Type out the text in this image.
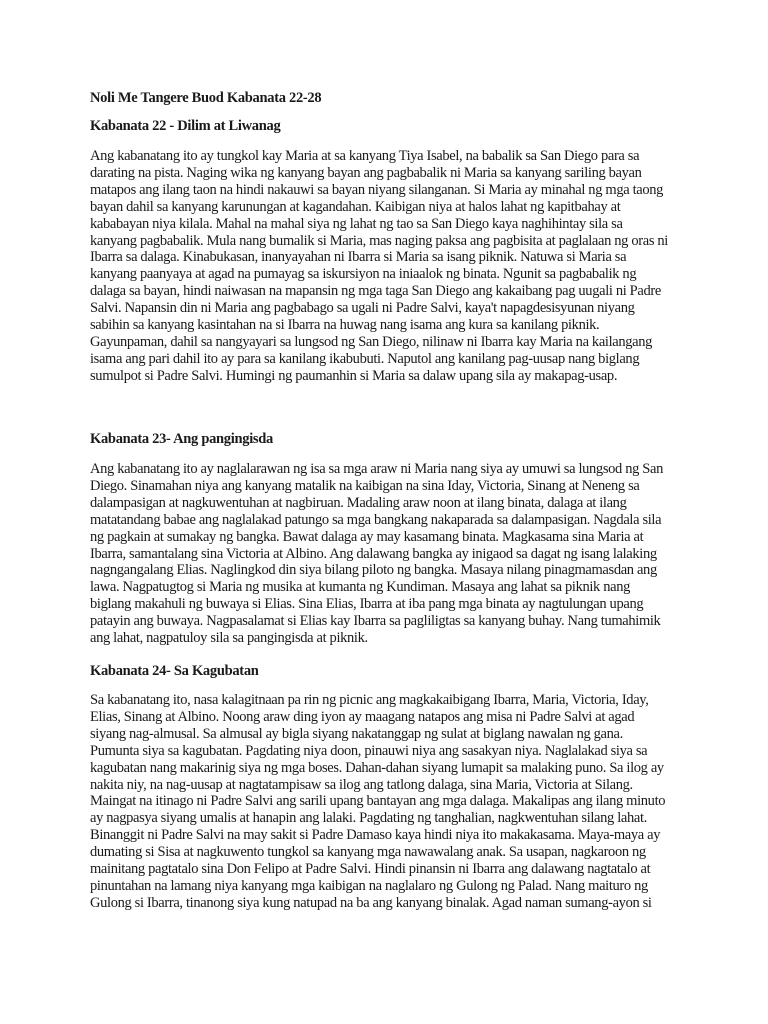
Noli Me Tangere Buod Kabanata 22-28
Kabanata 22 - Dilim at Liwanag
Ang kabanatang ito ay tungkol kay Maria at sa kanyang Tiya Isabel, na babalik sa San Diego para sa
darating na pista. Naging wika ng kanyang bayan ang pagbabalik ni Maria sa kanyang sariling bayan
matapos ang ilang taon na hindi nakauwi sa bayan niyang silanganan. Si Maria ay minahal ng mga taong
bayan dahil sa kanyang karunungan at kagandahan. Kaibigan niya at halos lahat ng kapitbahay at
kababayan niya kilala. Mahal na mahal siya ng lahat ng tao sa San Diego kaya naghihintay sila sa
kanyang pagbabalik. Mula nang bumalik si Maria, mas naging paksa ang pagbisita at paglalaan ng oras ni
Ibarra sa dalaga. Kinabukasan, inanyayahan ni Ibarra si Maria sa isang piknik. Natuwa si Maria sa
kanyang paanyaya at agad na pumayag sa iskursiyon na iniaalok ng binata. Ngunit sa pagbabalik ng
dalaga sa bayan, hindi naiwasan na mapansin ng mga taga San Diego ang kakaibang pag uugali ni Padre
Salvi. Napansin din ni Maria ang pagbabago sa ugali ni Padre Salvi, kaya't napagdesisyunan niyang
sabihin sa kanyang kasintahan na si Ibarra na huwag nang isama ang kura sa kanilang piknik.
Gayunpaman, dahil sa nangyayari sa lungsod ng San Diego, nilinaw ni Ibarra kay Maria na kailangang
isama ang pari dahil ito ay para sa kanilang ikabubuti. Naputol ang kanilang pag-uusap nang biglang
sumulpot si Padre Salvi. Humingi ng paumanhin si Maria sa dalaw upang sila ay makapag-usap.
Kabanata 23- Ang pangingisda
Ang kabanatang ito ay naglalarawan ng isa sa mga araw ni Maria nang siya ay umuwi sa lungsod ng San
Diego. Sinamahan niya ang kanyang matalik na kaibigan na sina Iday, Victoria, Sinang at Neneng sa
dalampasigan at nagkuwentuhan at nagbiruan. Madaling araw noon at ilang binata, dalaga at ilang
matatandang babae ang naglalakad patungo sa mga bangkang nakaparada sa dalampasigan. Nagdala sila
ng pagkain at sumakay ng bangka. Bawat dalaga ay may kasamang binata. Magkasama sina Maria at
Ibarra, samantalang sina Victoria at Albino. Ang dalawang bangka ay inigaod sa dagat ng isang lalaking
nagngangalang Elias. Naglingkod din siya bilang piloto ng bangka. Masaya nilang pinagmamasdan ang
lawa. Nagpatugtog si Maria ng musika at kumanta ng Kundiman. Masaya ang lahat sa piknik nang
biglang makahuli ng buwaya si Elias. Sina Elias, Ibarra at iba pang mga binata ay nagtulungan upang
patayin ang buwaya. Nagpasalamat si Elias kay Ibarra sa pagliligtas sa kanyang buhay. Nang tumahimik
ang lahat, nagpatuloy sila sa pangingisda at piknik.
Kabanata 24- Sa Kagubatan
Sa kabanatang ito, nasa kalagitnaan pa rin ng picnic ang magkakaibigang Ibarra, Maria, Victoria, Iday,
Elias, Sinang at Albino. Noong araw ding iyon ay maagang natapos ang misa ni Padre Salvi at agad
siyang nag-almusal. Sa almusal ay bigla siyang nakatanggap ng sulat at biglang nawalan ng gana.
Pumunta siya sa kagubatan. Pagdating niya doon, pinauwi niya ang sasakyan niya. Naglalakad siya sa
kagubatan nang makarinig siya ng mga boses. Dahan-dahan siyang lumapit sa malaking puno. Sa ilog ay
nakita niy, na nag-uusap at nagtatampisaw sa ilog ang tatlong dalaga, sina Maria, Victoria at Silang.
Maingat na itinago ni Padre Salvi ang sarili upang bantayan ang mga dalaga. Makalipas ang ilang minuto
ay nagpasya siyang umalis at hanapin ang lalaki. Pagdating ng tanghalian, nagkwentuhan silang lahat.
Binanggit ni Padre Salvi na may sakit si Padre Damaso kaya hindi niya ito makakasama. Maya-maya ay
dumating si Sisa at nagkuwento tungkol sa kanyang mga nawawalang anak. Sa usapan, nagkaroon ng
mainitang pagtatalo sina Don Felipo at Padre Salvi. Hindi pinansin ni Ibarra ang dalawang nagtatalo at
pinuntahan na lamang niya kanyang mga kaibigan na naglalaro ng Gulong ng Palad. Nang maituro ng
Gulong si Ibarra, tinanong siya kung natupad na ba ang kanyang binalak. Agad naman sumang-ayon si
